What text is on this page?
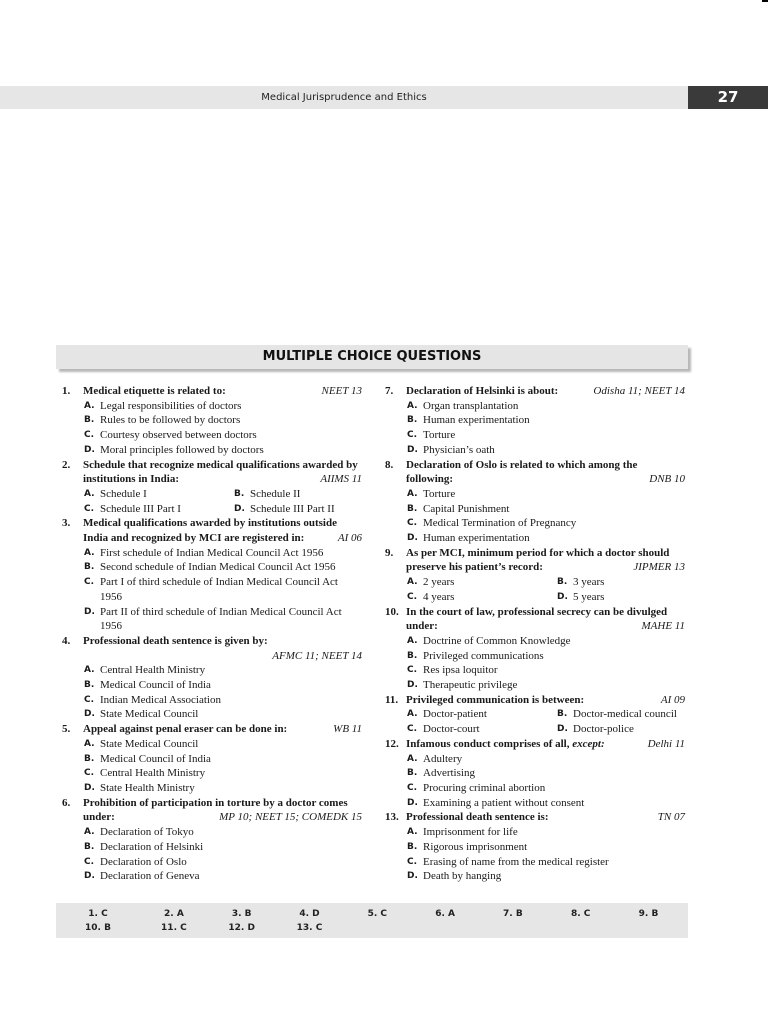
Medical Jurisprudence and Ethics	27
MULTIPLE CHOICE QUESTIONS
1.	NEET 13
Medical etiquette is related to:
A. Legal responsibilities of doctors
B. Rules to be followed by doctors
C. Courtesy observed between doctors
D. Moral principles followed by doctors
2. Schedule that recognize medical qualifications awarded by institutions in India:	AIIMS 11
A. Schedule I	B. Schedule II
C. Schedule III Part I	D. Schedule III Part II
3. Medical qualifications awarded by institutions outside India and recognized by MCI are registered in:	AI 06
A. First schedule of Indian Medical Council Act 1956
B. Second schedule of Indian Medical Council Act 1956
C. Part I of third schedule of Indian Medical Council Act 1956
D. Part II of third schedule of Indian Medical Council Act 1956
4. Professional death sentence is given by:
AFMC 11; NEET 14
A. Central Health Ministry
B. Medical Council of India
C. Indian Medical Association
D. State Medical Council
5.	WB 11
Appeal against penal eraser can be done in:
A. State Medical Council
B. Medical Council of India
C. Central Health Ministry
D. State Health Ministry
6. Prohibition of participation in torture by a doctor comes under:	MP 10; NEET 15; COMEDK 15
A. Declaration of Tokyo
B. Declaration of Helsinki
C. Declaration of Oslo
D. Declaration of Geneva
7.	Odisha 11; NEET 14
Declaration of Helsinki is about:
A. Organ transplantation
B. Human experimentation
C. Torture
D. Physician’s oath
8. Declaration of Oslo is related to which among the following:	DNB 10
A. Torture
B. Capital Punishment
C. Medical Termination of Pregnancy
D. Human experimentation
9. As per MCI, minimum period for which a doctor should preserve his patient’s record:	JIPMER 13
A. 2 years	B. 3 years
C. 4 years	D. 5 years
10. In the court of law, professional secrecy can be divulged under:	MAHE 11
A. Doctrine of Common Knowledge
B. Privileged communications
C. Res ipsa loquitor
D. Therapeutic privilege
11.	AI 09
Privileged communication is between:
A. Doctor-patient	B. Doctor-medical council
C. Doctor-court	D. Doctor-police
12.	Delhi 11
Infamous conduct comprises of all, except:
A. Adultery
B. Advertising
C. Procuring criminal abortion
D. Examining a patient without consent
13.	TN 07
Professional death sentence is:
A. Imprisonment for life
B. Rigorous imprisonment
C. Erasing of name from the medical register
D. Death by hanging
1. C	2. A	3. B	4. D	5. C	6. A	7. B	8. C	9. B
10. B	11. C	12. D	13. C
